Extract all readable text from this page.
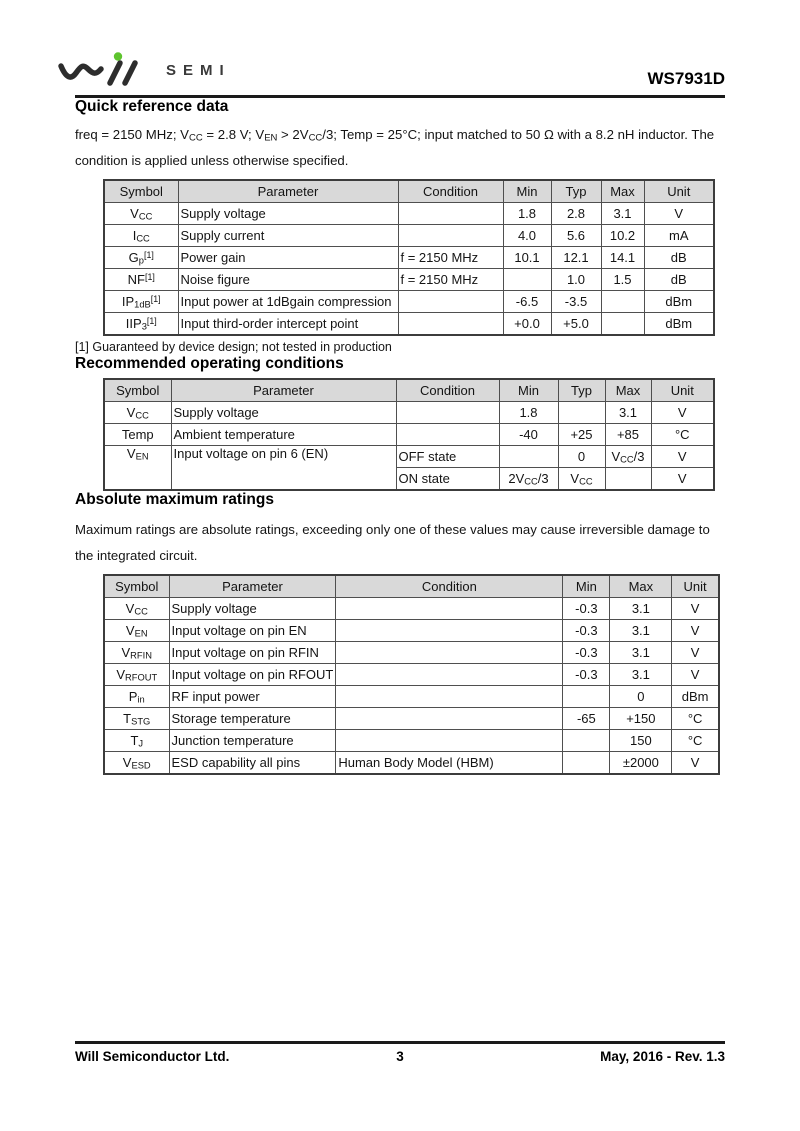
SEMI	WS7931D
Quick reference data
freq = 2150 MHz; $V_{CC} = 2.8$ V; $V_{EN} > 2V_{CC}/3$; Temp = 25°C; input matched to 50 Ω with a 8.2 nH inductor. The
condition is applied unless otherwise specified.
Symbol	Parameter	Condition	Min	Typ	Max	Unit
$V_{CC}$	Supply voltage		1.8	2.8	3.1	V
$I_{CC}$	Supply current		4.0	5.6	10.2	mA
$G_p[1]$	Power gain	f = 2150 MHz	10.1	12.1	14.1	dB
NF[1]	Noise figure	f = 2150 MHz		1.0	1.5	dB
$IP_{1dB}[1]$	Input power at 1dBgain compression		-6.5	-3.5		dBm
$IIP_3[1]$	Input third-order intercept point		+0.0	+5.0		dBm

[1] Guaranteed by device design; not tested in production

Recommended operating conditions
Symbol	Parameter	Condition	Min	Typ	Max	Unit
$V_{CC}$	Supply voltage		1.8		3.1	V
Temp	Ambient temperature		-40	+25	+85	°C
$V_{EN}$	Input voltage on pin 6 (EN)	OFF state		0	$V_{CC}/3$	V
		ON state	$2V_{CC}/3$	$V_{CC}$		V
Absolute maximum ratings
Maximum ratings are absolute ratings, exceeding only one of these values may cause irreversible damage to
the integrated circuit.
Symbol	Parameter	Condition	Min	Max	Unit
$V_{CC}$	Supply voltage		-0.3	3.1	V
$V_{EN}$	Input voltage on pin EN		-0.3	3.1	V
$V_{RFIN}$	Input voltage on pin RFIN		-0.3	3.1	V
$V_{RFOUT}$	Input voltage on pin RFOUT		-0.3	3.1	V
$P_{in}$	RF input power			0	dBm
$T_{STG}$	Storage temperature		-65	+150	°C
$T_J$	Junction temperature			150	°C
$V_{ESD}$	ESD capability all pins	Human Body Model (HBM)		±2000	V
Will Semiconductor Ltd.	3	May, 2016 - Rev. 1.3
